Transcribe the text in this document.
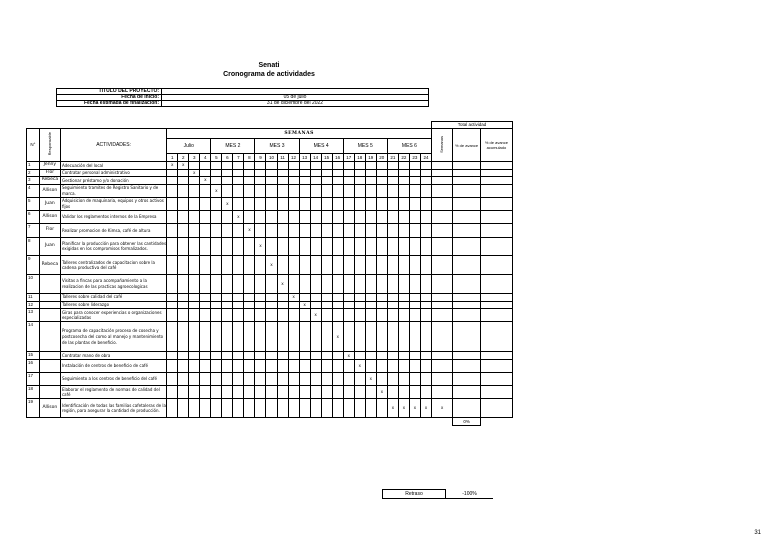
Senati
Cronograma de actividades
TITULO DEL PROYECTO:	
Fecha de Inicio:	05 de julio
Fecha estimada de finalización:	31 de diciembre del 2022
																											Total actividad		
N°	Responsable	ACTIVIDADES:	SEMANAS																								Semanas	% de avance	% de avance acumulado
			Julio				MES 2				MES 3				MES 4				MES 5				MES 6						
			1	2	3	4	5	6	7	8	9	10	11	12	13	14	15	16	17	18	19	20	21	22	23	24			
1	Jenny	Adecuación del local	x	x																									
2	Flor	Contratar personal administrativo			x																								
3	Rebeca	Gestionar préstamo y/o donación				x																							
4	Allison	Seguimiento tramites de Registro Sanitario y de marca.					x																						
5	Juan	Adquisicion de maquinaria, equipos y otros activos fijos						x																					
6	Allison	Validar los reglamentos internos de la Empresa							x																				
7	Flor	Realizar promocion de Kimsa, café de altura								x																			
8	Juan	Planificar la producción para obtener las cantidades exigidas en los compromisos formalizados.									x																		
9	Rebeca	Talleres centralizados de capacitacion sobre la cadena productiva del café										x																	
10		Visitas a fincas para acompañamiento a la realizacion de las practicas agroecologicas											x																
11		Talleres sobre calidad del café												x															
12		Talleres sobre liderazgo													x														
13		Giras para conocer experiencias o organizaciones especializadas														x													
14		Programa de capacitación proceso de cosecha y postcosecha del como al manejo y mantenimiento de las plantas de beneficio.																x											
15		Contratar mano de obra																	x										
16		Instalación de centros de beneficio de café																		x									
17		Seguimiento a los centros de beneficio del café																			x								
18		Elaborar el reglamento de normas de calidad del café																				x							
19	Allison	Identificación de todas las familias cafetaleras de la región, para asegurar la cantidad de producción.																					x	x	x	x	x		
																												0%	
Retraso	-100%
31
